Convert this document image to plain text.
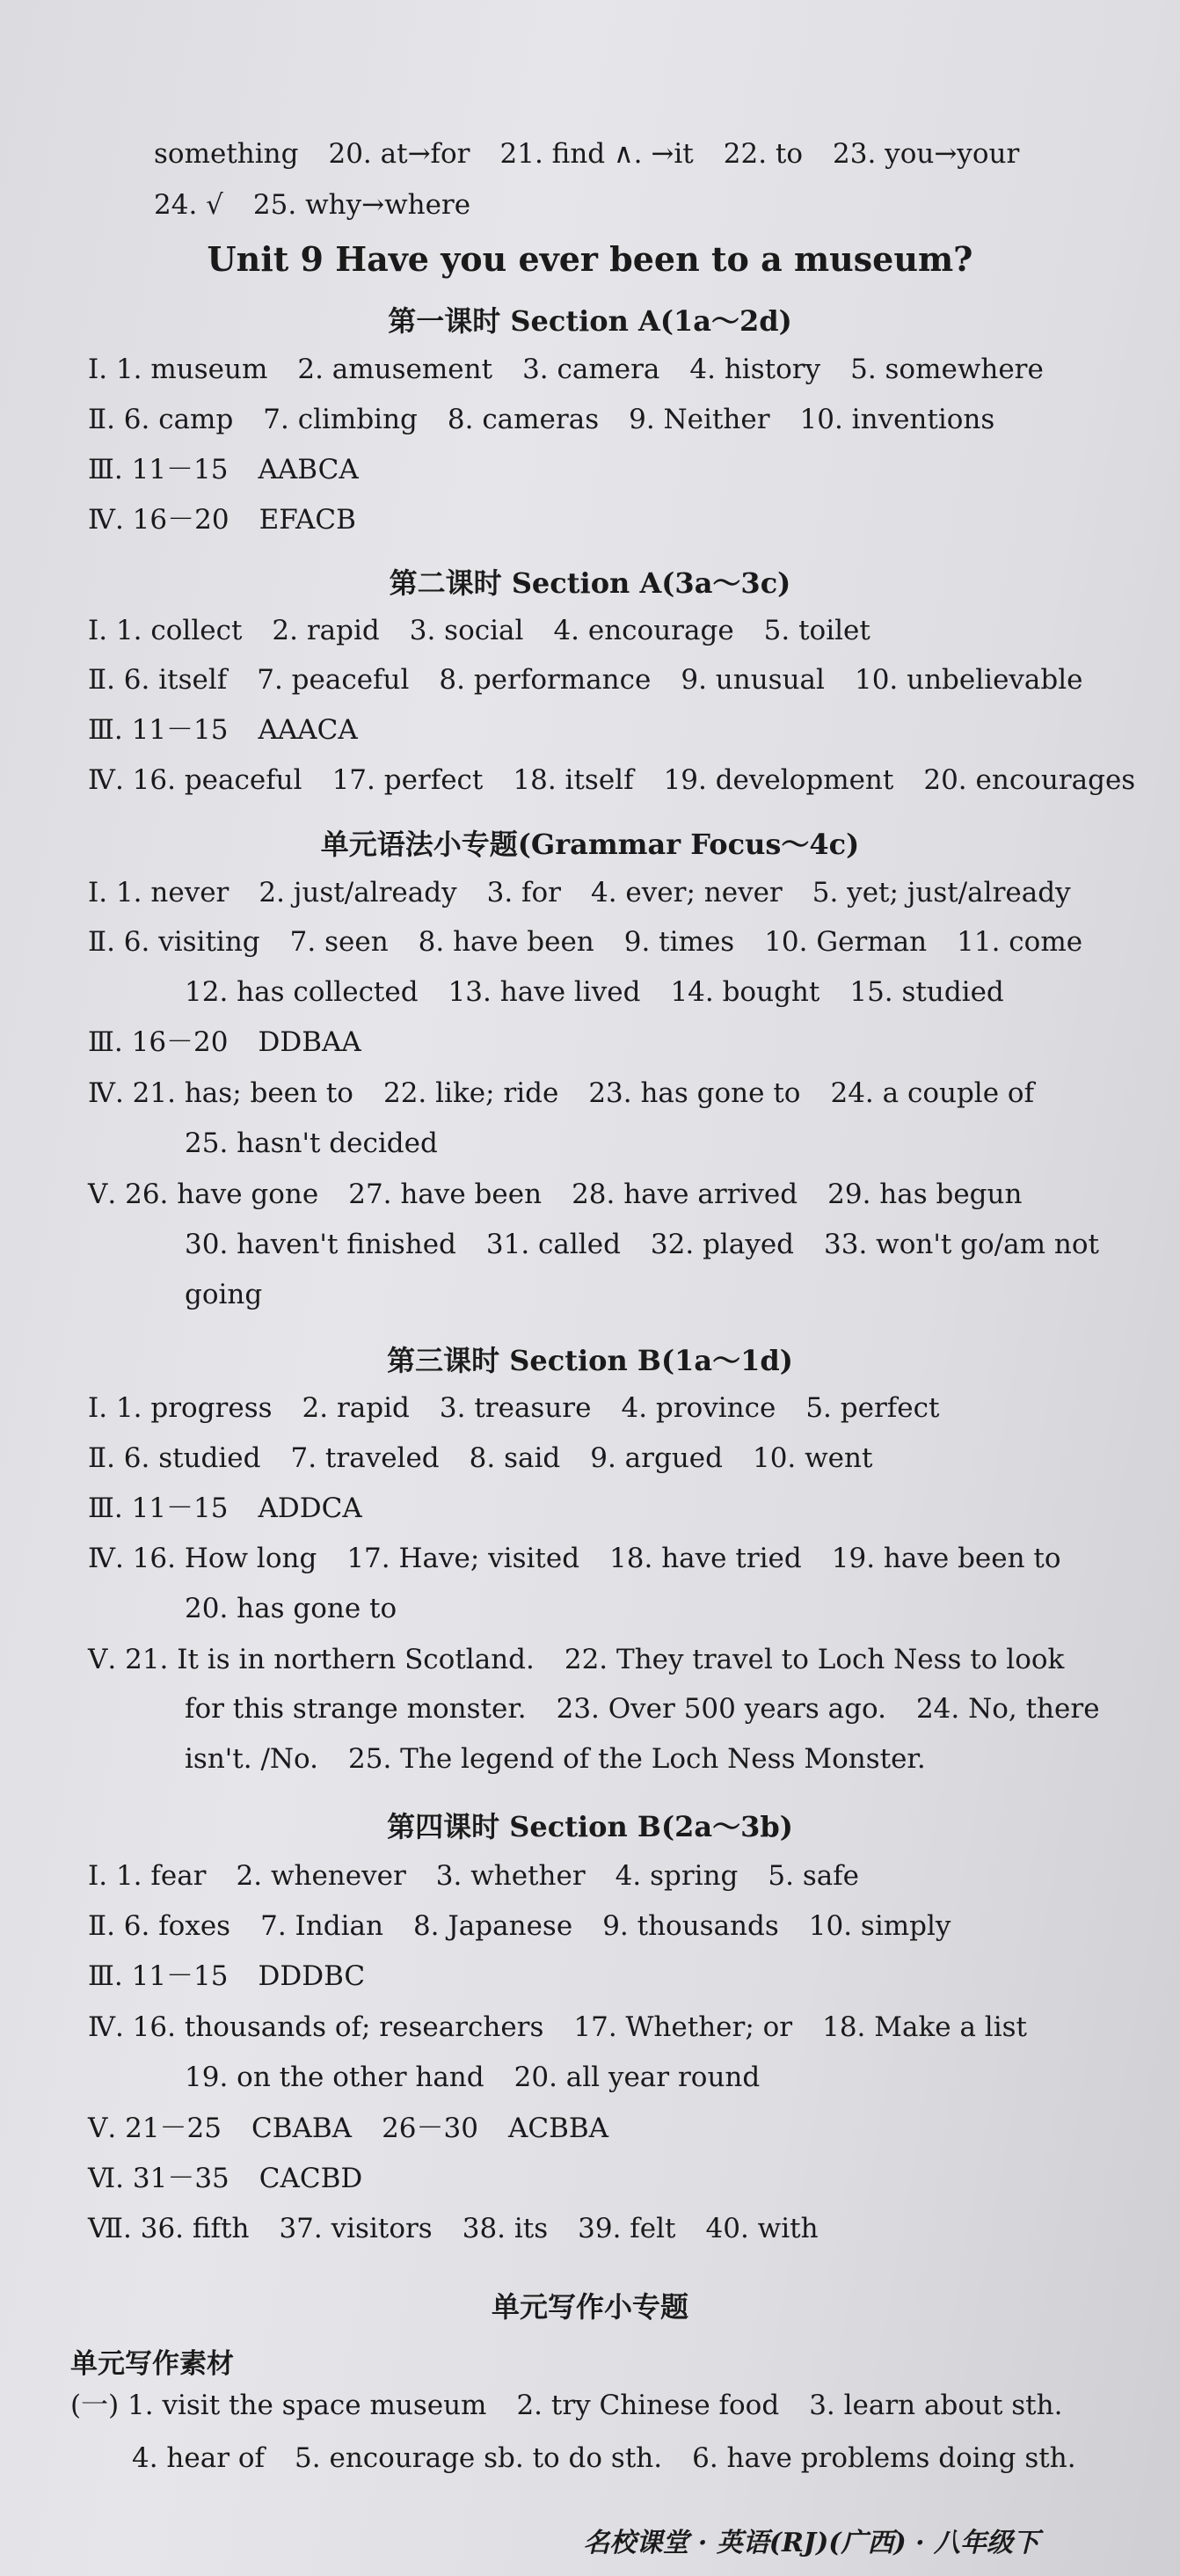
something 20. at→for 21. find ∧. →it 22. to 23. you→your
24. √ 25. why→where
Unit 9 Have you ever been to a museum?
第一课时 Section A(1a～2d)
Ⅰ. 1. museum 2. amusement 3. camera 4. history 5. somewhere
Ⅱ. 6. camp 7. climbing 8. cameras 9. Neither 10. inventions
Ⅲ. 11－15 AABCA
Ⅳ. 16－20 EFACB
第二课时 Section A(3a～3c)
Ⅰ. 1. collect 2. rapid 3. social 4. encourage 5. toilet
Ⅱ. 6. itself 7. peaceful 8. performance 9. unusual 10. unbelievable
Ⅲ. 11－15 AAACA
Ⅳ. 16. peaceful 17. perfect 18. itself 19. development 20. encourages
单元语法小专题(Grammar Focus～4c)
Ⅰ. 1. never 2. just/already 3. for 4. ever; never 5. yet; just/already
Ⅱ. 6. visiting 7. seen 8. have been 9. times 10. German 11. come
12. has collected 13. have lived 14. bought 15. studied
Ⅲ. 16－20 DDBAA
Ⅳ. 21. has; been to 22. like; ride 23. has gone to 24. a couple of
25. hasn't decided
Ⅴ. 26. have gone 27. have been 28. have arrived 29. has begun
30. haven't finished 31. called 32. played 33. won't go/am not
going
第三课时 Section B(1a～1d)
Ⅰ. 1. progress 2. rapid 3. treasure 4. province 5. perfect
Ⅱ. 6. studied 7. traveled 8. said 9. argued 10. went
Ⅲ. 11－15 ADDCA
Ⅳ. 16. How long 17. Have; visited 18. have tried 19. have been to
20. has gone to
Ⅴ. 21. It is in northern Scotland. 22. They travel to Loch Ness to look
for this strange monster. 23. Over 500 years ago. 24. No, there
isn't. /No. 25. The legend of the Loch Ness Monster.
第四课时 Section B(2a～3b)
Ⅰ. 1. fear 2. whenever 3. whether 4. spring 5. safe
Ⅱ. 6. foxes 7. Indian 8. Japanese 9. thousands 10. simply
Ⅲ. 11－15 DDDBC
Ⅳ. 16. thousands of; researchers 17. Whether; or 18. Make a list
19. on the other hand 20. all year round
Ⅴ. 21－25 CBABA 26－30 ACBBA
Ⅵ. 31－35 CACBD
Ⅶ. 36. fifth 37. visitors 38. its 39. felt 40. with
单元写作小专题
单元写作素材
(一) 1. visit the space museum 2. try Chinese food 3. learn about sth.
4. hear of 5. encourage sb. to do sth. 6. have problems doing sth.
名校课堂 · 英语(RJ)(广西) · 八年级下
